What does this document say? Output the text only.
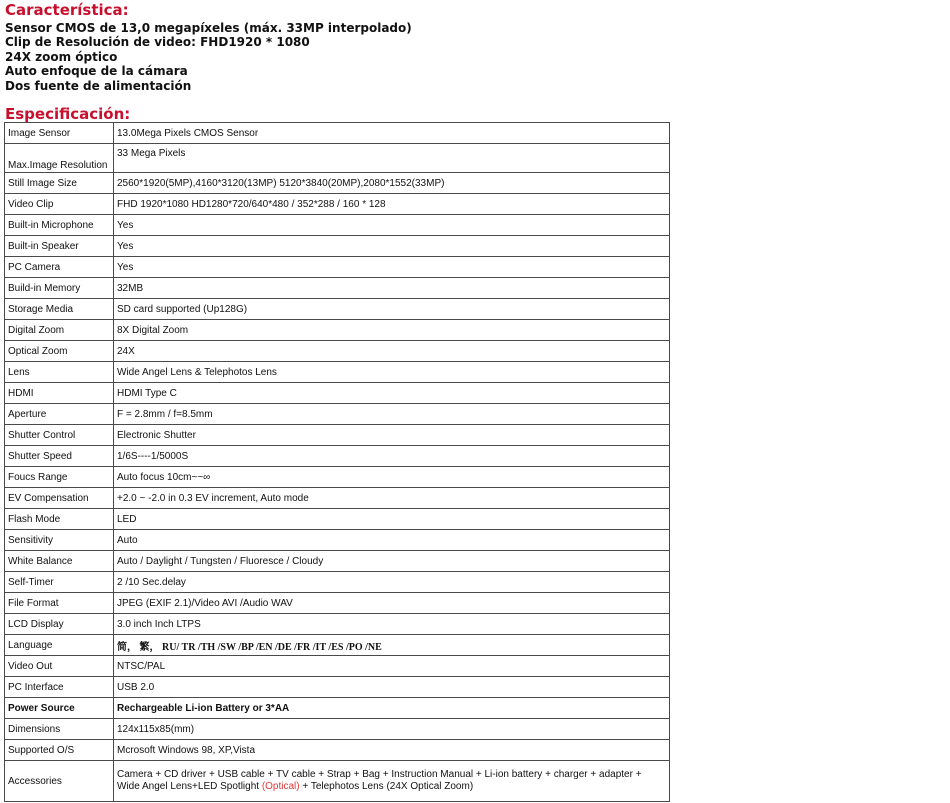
Característica:
Sensor CMOS de 13,0 megapíxeles (máx. 33MP interpolado)
Clip de Resolución de video: FHD1920 * 1080
24X zoom óptico
Auto enfoque de la cámara
Dos fuente de alimentación
Especificación:
Image Sensor	13.0Mega Pixels CMOS Sensor
Max.Image Resolution	33 Mega Pixels
Still Image Size	2560*1920(5MP),4160*3120(13MP) 5120*3840(20MP),2080*1552(33MP)
Video Clip	FHD 1920*1080 HD1280*720/640*480 / 352*288 / 160 * 128
Built-in Microphone	Yes
Built-in Speaker	Yes
PC Camera	Yes
Build-in Memory	32MB
Storage Media	SD card supported (Up128G)
Digital Zoom	8X Digital Zoom
Optical Zoom	24X
Lens	Wide Angel Lens & Telephotos Lens
HDMI	HDMI Type C
Aperture	F = 2.8mm / f=8.5mm
Shutter Control	Electronic Shutter
Shutter Speed	1/6S----1/5000S
Foucs Range	Auto focus 10cm~~∞
EV Compensation	+2.0 ~ -2.0 in 0.3 EV increment, Auto mode
Flash Mode	LED
Sensitivity	Auto
White Balance	Auto / Daylight / Tungsten / Fluoresce / Cloudy
Self-Timer	2 /10 Sec.delay
File Format	JPEG (EXIF 2.1)/Video AVI /Audio WAV
LCD Display	3.0 inch Inch LTPS
Language	简， 繁， RU/ TR /TH /SW /BP /EN /DE /FR /IT /ES /PO /NE
Video Out	NTSC/PAL
PC Interface	USB 2.0
Power Source	Rechargeable Li-ion Battery or 3*AA
Dimensions	124x115x85(mm)
Supported O/S	Mcrosoft Windows 98, XP,Vista
Accessories	Camera + CD driver + USB cable + TV cable + Strap + Bag + Instruction Manual + Li-ion battery + charger + adapter +
Wide Angel Lens+LED Spotlight (Optical) + Telephotos Lens (24X Optical Zoom)
